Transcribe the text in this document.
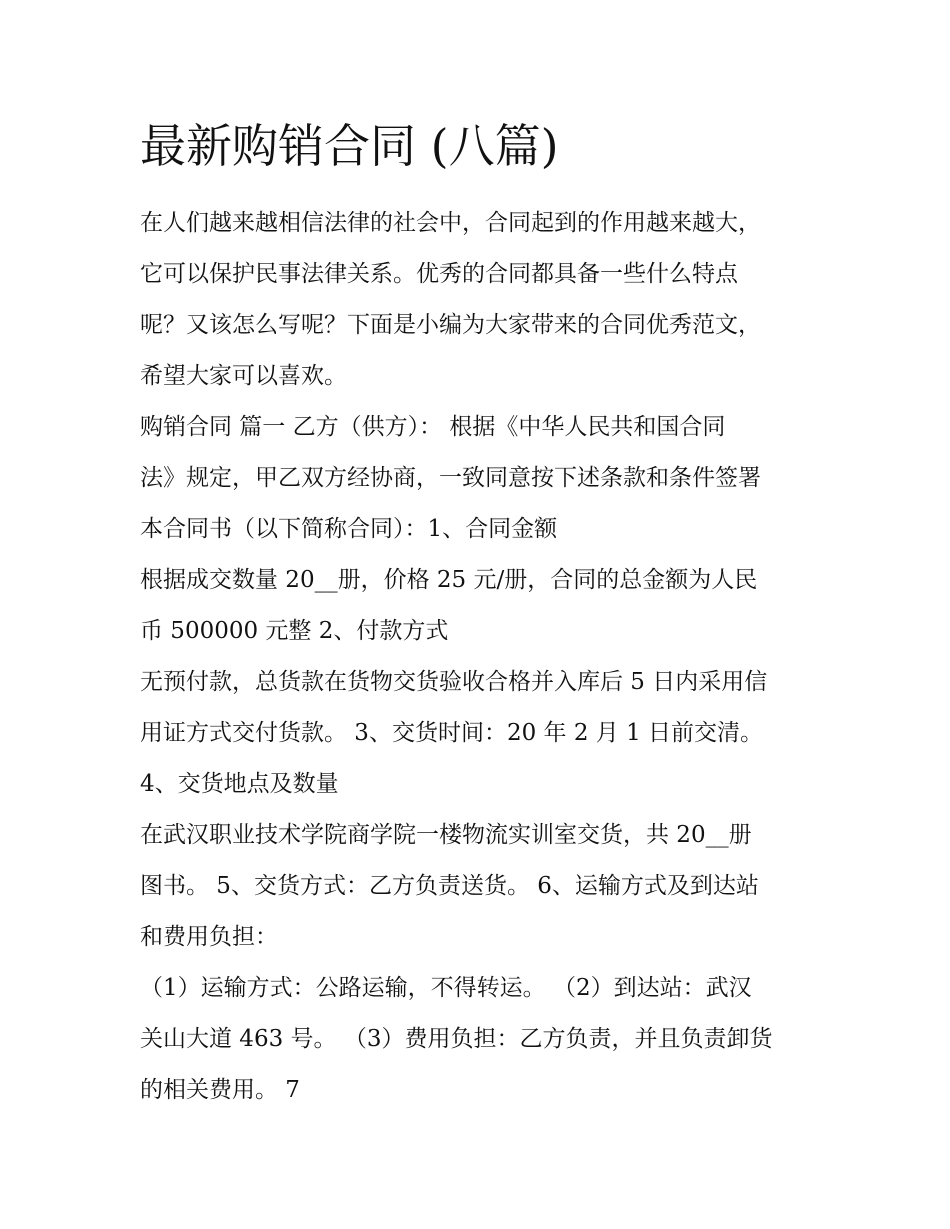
最新购销合同 (八篇)
在人们越来越相信法律的社会中，合同起到的作用越来越大，
它可以保护民事法律关系。优秀的合同都具备一些什么特点
呢？又该怎么写呢？下面是小编为大家带来的合同优秀范文，
希望大家可以喜欢。
购销合同 篇一 乙方（供方）： 根据《中华人民共和国合同
法》规定，甲乙双方经协商，一致同意按下述条款和条件签署
本合同书（以下简称合同）：1、合同金额
根据成交数量 20__册，价格 25 元/册，合同的总金额为人民
币 500000 元整 2、付款方式
无预付款，总货款在货物交货验收合格并入库后 5 日内采用信
用证方式交付货款。 3、交货时间：20 年 2 月 1 日前交清。
4、交货地点及数量
在武汉职业技术学院商学院一楼物流实训室交货，共 20__册
图书。 5、交货方式：乙方负责送货。 6、运输方式及到达站
和费用负担：
（1）运输方式：公路运输，不得转运。 （2）到达站：武汉
关山大道 463 号。 （3）费用负担：乙方负责，并且负责卸货
的相关费用。 7
